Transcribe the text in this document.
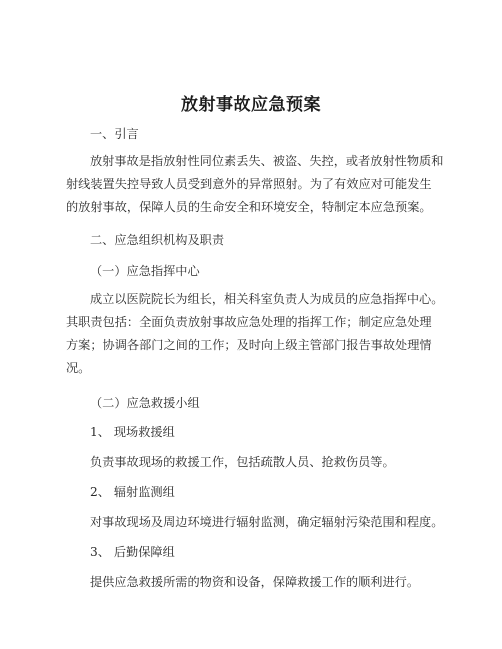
放射事故应急预案
一、引言
放射事故是指放射性同位素丢失、被盗、失控，或者放射性物质和
射线装置失控导致人员受到意外的异常照射。为了有效应对可能发生
的放射事故，保障人员的生命安全和环境安全，特制定本应急预案。
二、应急组织机构及职责
（一）应急指挥中心
成立以医院院长为组长，相关科室负责人为成员的应急指挥中心。
其职责包括：全面负责放射事故应急处理的指挥工作；制定应急处理
方案；协调各部门之间的工作；及时向上级主管部门报告事故处理情
况。
（二）应急救援小组
1、 现场救援组
负责事故现场的救援工作，包括疏散人员、抢救伤员等。
2、 辐射监测组
对事故现场及周边环境进行辐射监测，确定辐射污染范围和程度。
3、 后勤保障组
提供应急救援所需的物资和设备，保障救援工作的顺利进行。
